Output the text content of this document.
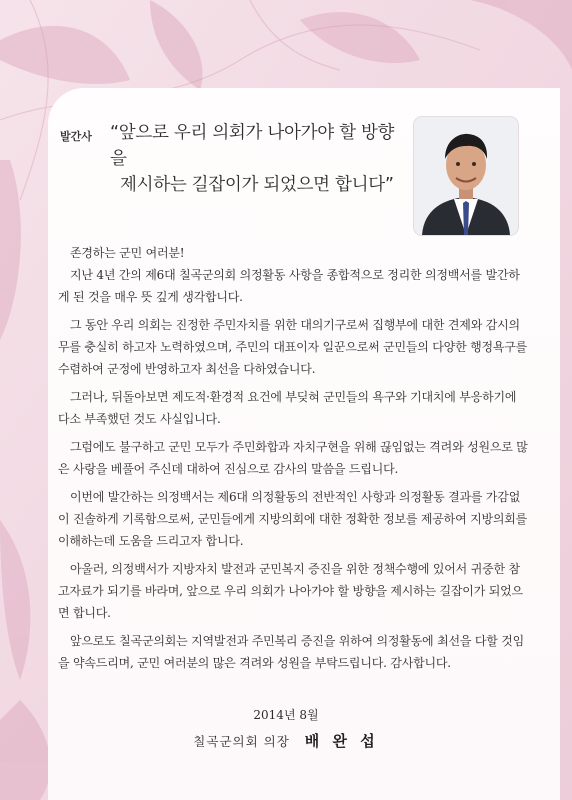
발간사 “앞으로 우리 의회가 나아가야 할 방향을
제시하는 길잡이가 되었으면 합니다”

존경하는 군민 여러분!

지난 4년 간의 제6대 칠곡군의회 의정활동 사항을 종합적으로 정리한 의정백서를 발간하게 된 것을 매우 뜻 깊게 생각합니다.

그 동안 우리 의회는 진정한 주민자치를 위한 대의기구로써 집행부에 대한 견제와 감시의무를 충실히 하고자 노력하였으며, 주민의 대표이자 일꾼으로써 군민들의 다양한 행정욕구를 수렴하여 군정에 반영하고자 최선을 다하였습니다.

그러나, 뒤돌아보면 제도적·환경적 요건에 부딪혀 군민들의 욕구와 기대치에 부응하기에 다소 부족했던 것도 사실입니다.

그럼에도 불구하고 군민 모두가 주민화합과 자치구현을 위해 끊임없는 격려와 성원으로 많은 사랑을 베풀어 주신데 대하여 진심으로 감사의 말씀을 드립니다.

이번에 발간하는 의정백서는 제6대 의정활동의 전반적인 사항과 의정활동 결과를 가감없이 진솔하게 기록함으로써, 군민들에게 지방의회에 대한 정확한 정보를 제공하여 지방의회를 이해하는데 도움을 드리고자 합니다.

아울러, 의정백서가 지방자치 발전과 군민복지 증진을 위한 정책수행에 있어서 귀중한 참고자료가 되기를 바라며, 앞으로 우리 의회가 나아가야 할 방향을 제시하는 길잡이가 되었으면 합니다.

앞으로도 칠곡군의회는 지역발전과 주민복리 증진을 위하여 의정활동에 최선을 다할 것임을 약속드리며, 군민 여러분의 많은 격려와 성원을 부탁드립니다. 감사합니다.

2014년 8월
칠곡군의회 의장 배 완 섭
